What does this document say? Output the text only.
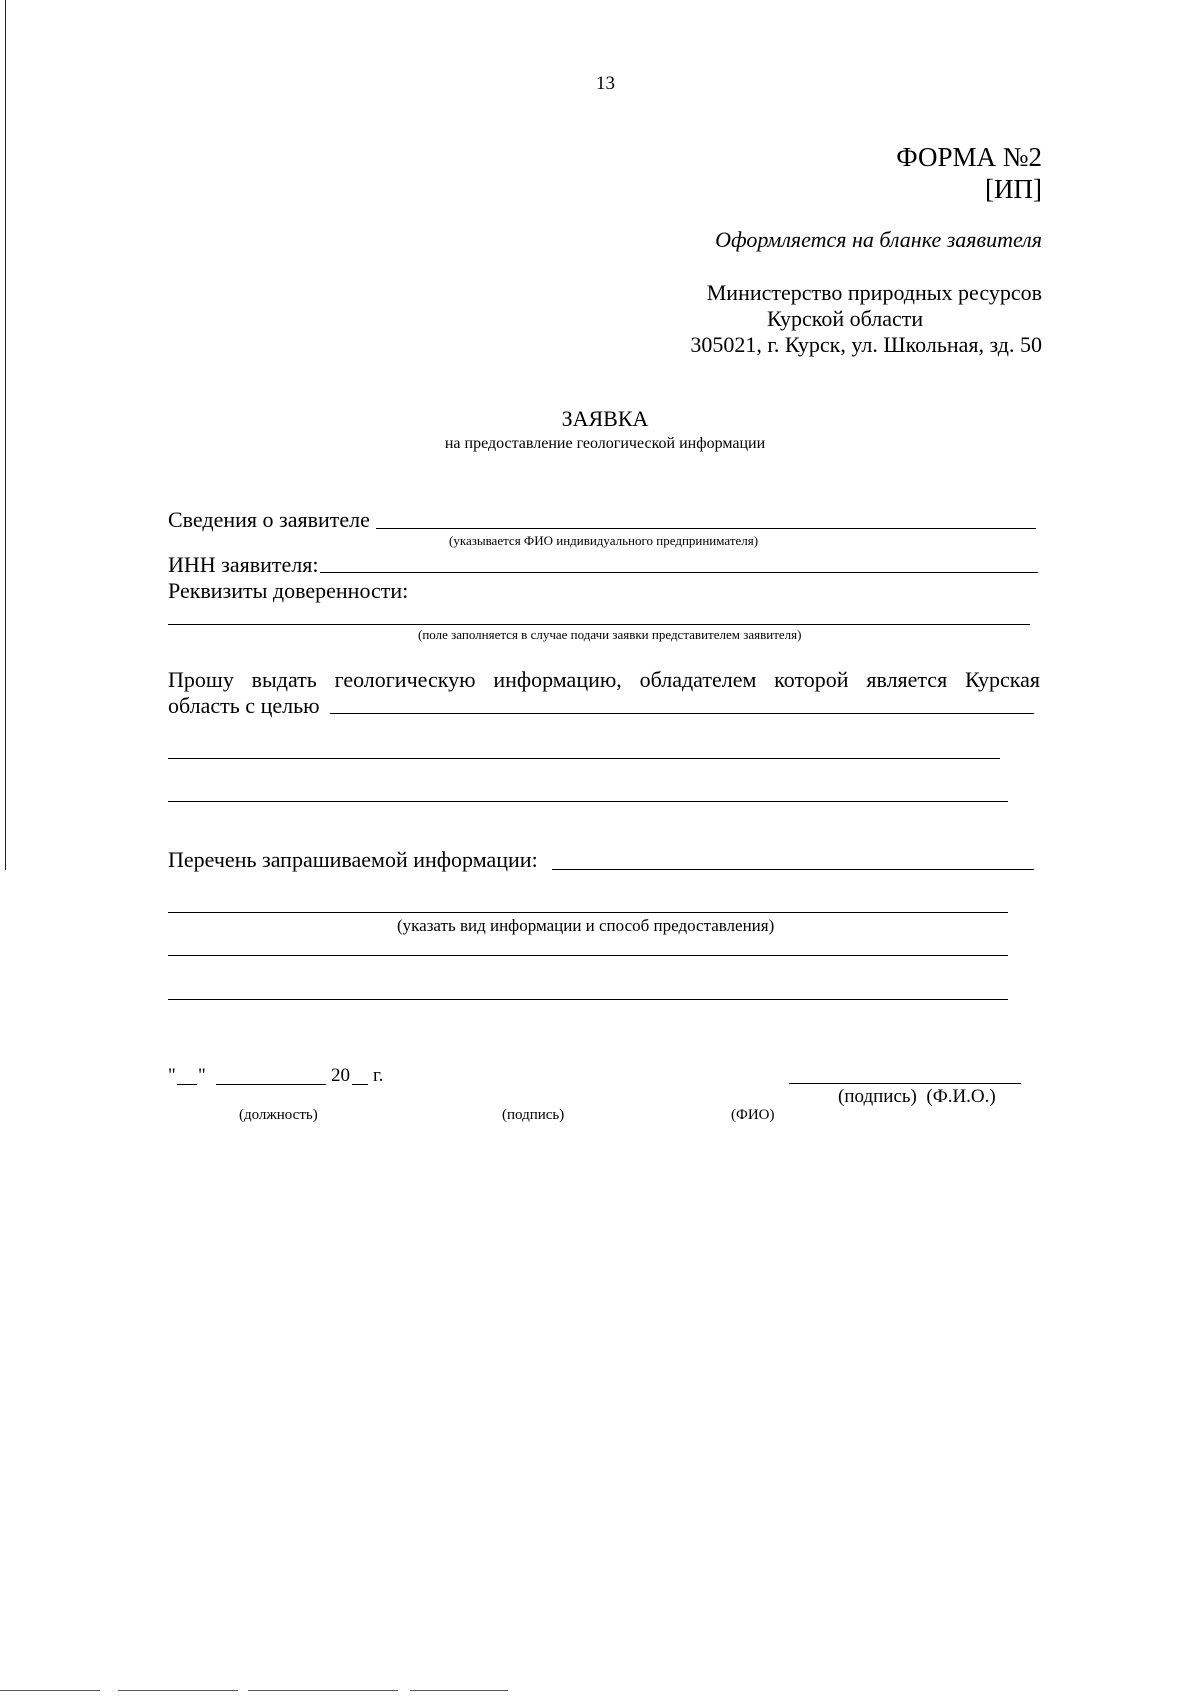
13
ФОРМА №2
[ИП]
Оформляется на бланке заявителя
Министерство природных ресурсов
Курской области
305021, г. Курск, ул. Школьная, зд. 50
ЗАЯВКА
на предоставление геологической информации
Сведения о заявителе
(указывается ФИО индивидуального предпринимателя)
ИНН заявителя:
Реквизиты доверенности:
(поле заполняется в случае подачи заявки представителем заявителя)
Прошу выдать геологическую информацию, обладателем которой является Курская
область с целью
Перечень запрашиваемой информации:
(указать вид информации и способ предоставления)
" "	20 г.
(подпись)  (Ф.И.О.)
(должность)	(подпись)	(ФИО)
